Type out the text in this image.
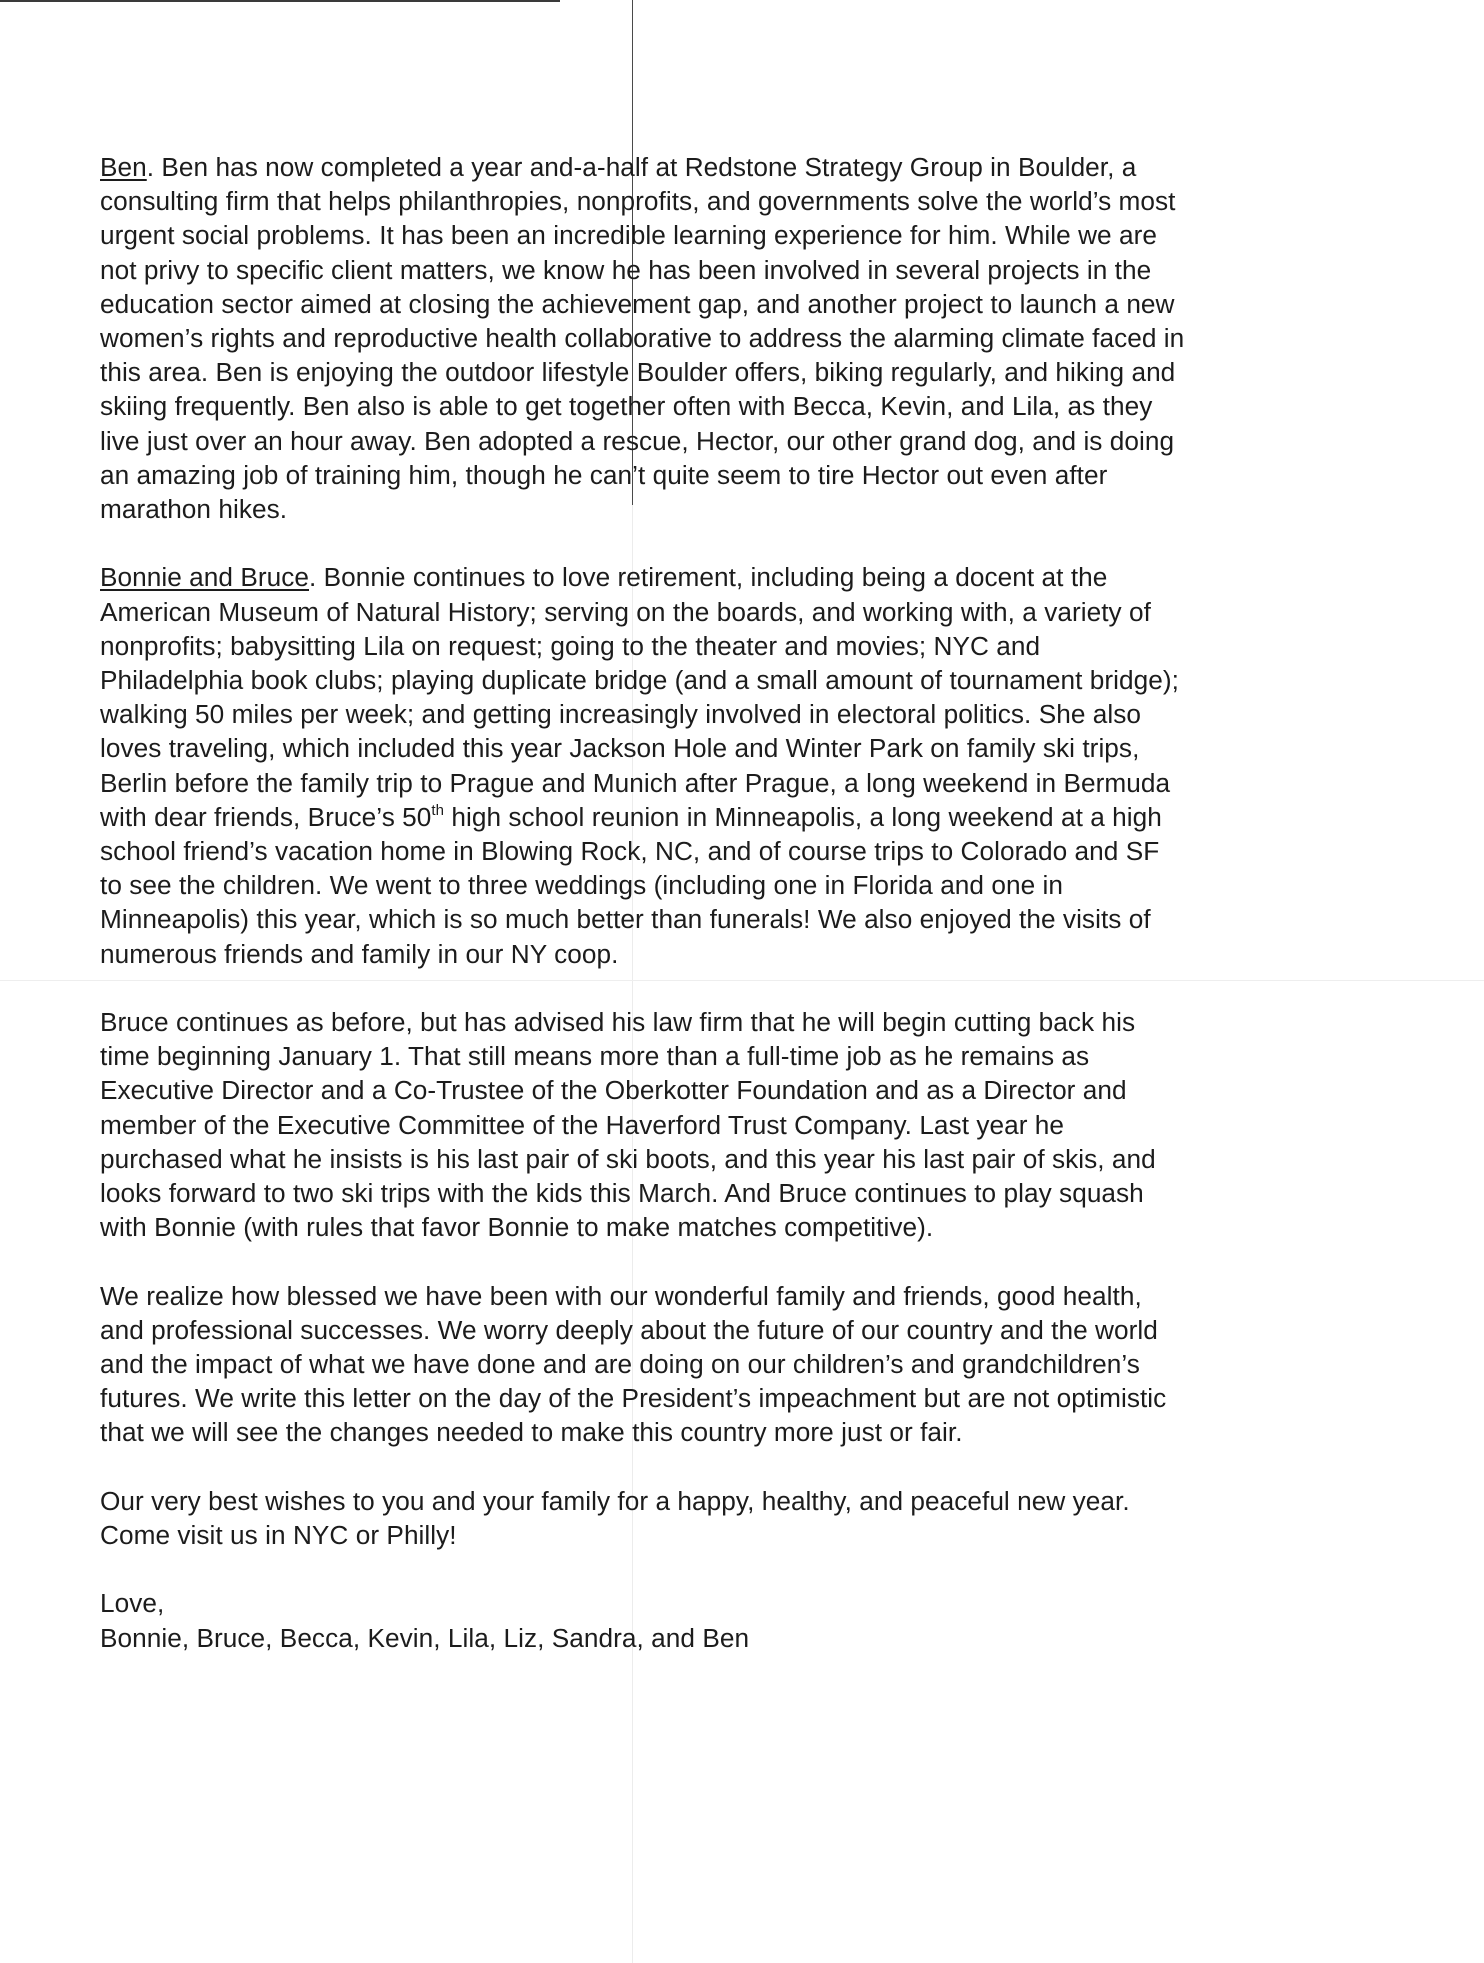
Ben. Ben has now completed a year and-a-half at Redstone Strategy Group in Boulder, a
consulting firm that helps philanthropies, nonprofits, and governments solve the world’s most
urgent social problems. It has been an incredible learning experience for him. While we are
not privy to specific client matters, we know he has been involved in several projects in the
education sector aimed at closing the achievement gap, and another project to launch a new
women’s rights and reproductive health collaborative to address the alarming climate faced in
this area. Ben is enjoying the outdoor lifestyle Boulder offers, biking regularly, and hiking and
skiing frequently. Ben also is able to get together often with Becca, Kevin, and Lila, as they
live just over an hour away. Ben adopted a rescue, Hector, our other grand dog, and is doing
an amazing job of training him, though he can’t quite seem to tire Hector out even after
marathon hikes.

Bonnie and Bruce. Bonnie continues to love retirement, including being a docent at the
American Museum of Natural History; serving on the boards, and working with, a variety of
nonprofits; babysitting Lila on request; going to the theater and movies; NYC and
Philadelphia book clubs; playing duplicate bridge (and a small amount of tournament bridge);
walking 50 miles per week; and getting increasingly involved in electoral politics. She also
loves traveling, which included this year Jackson Hole and Winter Park on family ski trips,
Berlin before the family trip to Prague and Munich after Prague, a long weekend in Bermuda
with dear friends, Bruce’s 50th high school reunion in Minneapolis, a long weekend at a high
school friend’s vacation home in Blowing Rock, NC, and of course trips to Colorado and SF
to see the children. We went to three weddings (including one in Florida and one in
Minneapolis) this year, which is so much better than funerals! We also enjoyed the visits of
numerous friends and family in our NY coop.

Bruce continues as before, but has advised his law firm that he will begin cutting back his
time beginning January 1. That still means more than a full-time job as he remains as
Executive Director and a Co-Trustee of the Oberkotter Foundation and as a Director and
member of the Executive Committee of the Haverford Trust Company. Last year he
purchased what he insists is his last pair of ski boots, and this year his last pair of skis, and
looks forward to two ski trips with the kids this March. And Bruce continues to play squash
with Bonnie (with rules that favor Bonnie to make matches competitive).

We realize how blessed we have been with our wonderful family and friends, good health,
and professional successes. We worry deeply about the future of our country and the world
and the impact of what we have done and are doing on our children’s and grandchildren’s
futures. We write this letter on the day of the President’s impeachment but are not optimistic
that we will see the changes needed to make this country more just or fair.

Our very best wishes to you and your family for a happy, healthy, and peaceful new year.
Come visit us in NYC or Philly!

Love,
Bonnie, Bruce, Becca, Kevin, Lila, Liz, Sandra, and Ben
